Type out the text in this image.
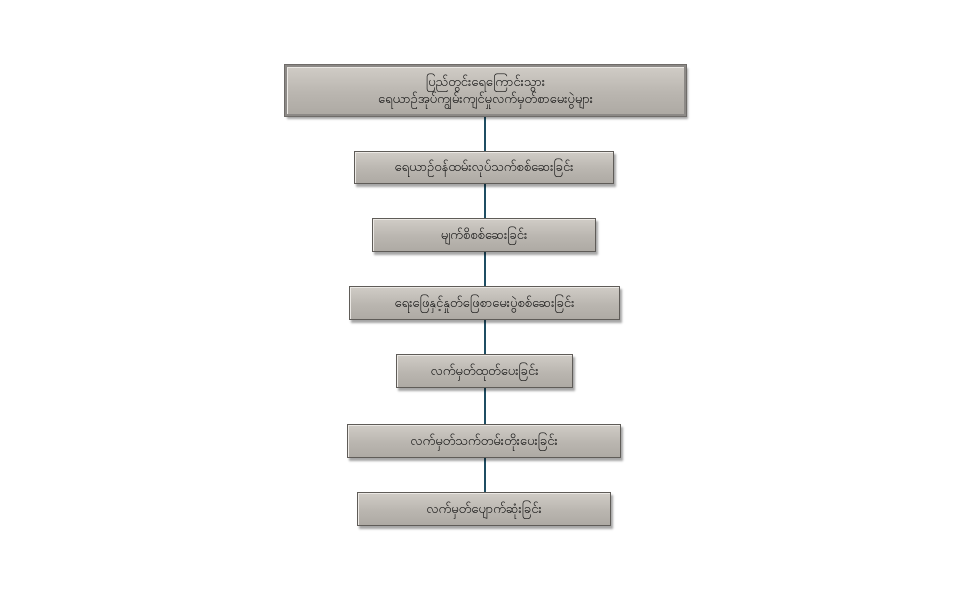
ပြည်တွင်းရေကြောင်းသွား
ရေယာဉ်အုပ်ကျွမ်းကျင်မှုလက်မှတ်စာမေးပွဲများ
ရေယာဉ်ဝန်ထမ်းလုပ်သက်စစ်ဆေးခြင်း
မျက်စိစစ်ဆေးခြင်း
ရေးဖြေနှင့်နှုတ်ဖြေစာမေးပွဲစစ်ဆေးခြင်း
လက်မှတ်ထုတ်ပေးခြင်း
လက်မှတ်သက်တမ်းတိုးပေးခြင်း
လက်မှတ်ပျောက်ဆုံးခြင်း
